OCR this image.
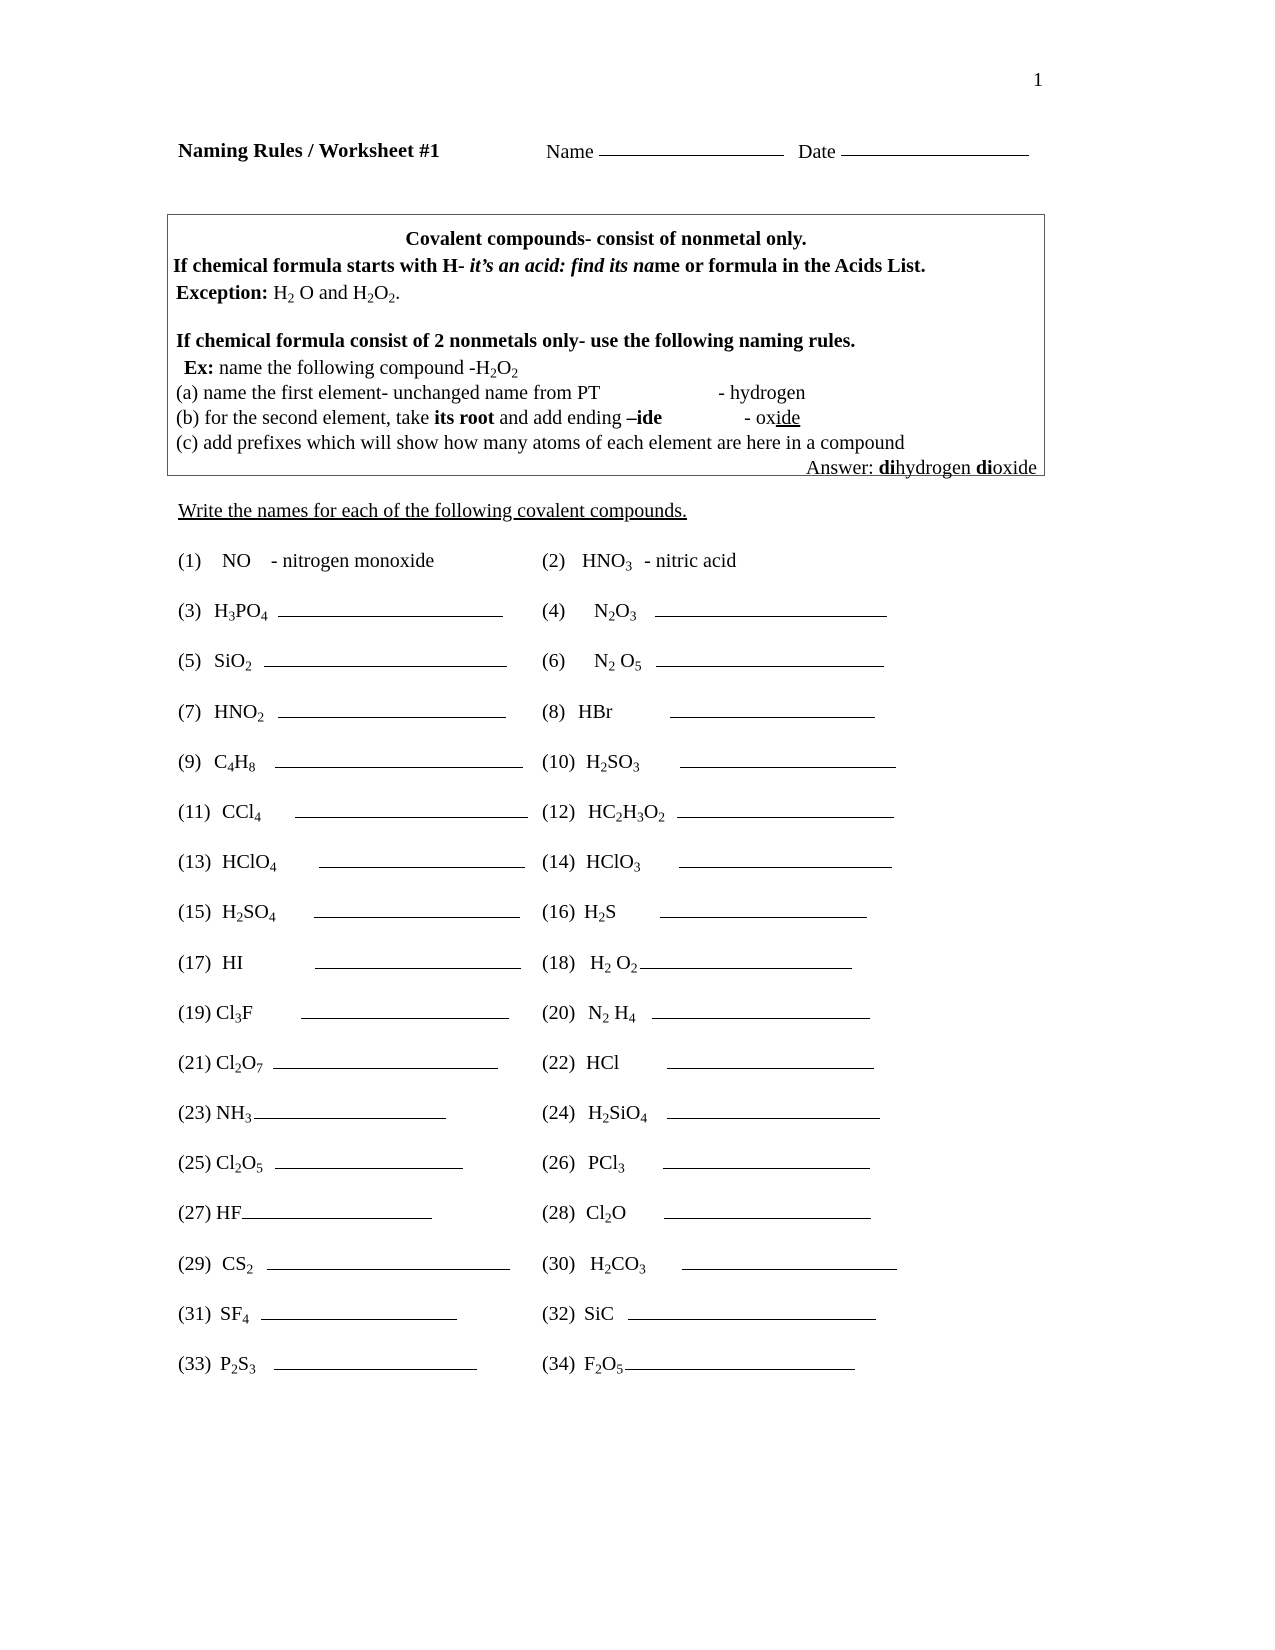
1
Naming Rules / Worksheet #1	Name	Date
Covalent compounds- consist of nonmetal only.
If chemical formula starts with H- it’s an acid: find its name or formula in the Acids List.
Exception: $H_2$ O and $H_2O_2$.
If chemical formula consist of 2 nonmetals only- use the following naming rules.
Ex: name the following compound $-H_2O_2$
(a) name the first element- unchanged name from PT	- hydrogen
(b) for the second element, take its root and add ending –ide	- oxide
(c) add prefixes which will show how many atoms of each element are here in a compound
Answer: dihydrogen dioxide
Write the names for each of the following covalent compounds.
(1)	NO - nitrogen monoxide	(2) $HNO_3$ - nitric acid
(3) $H_3PO_4$	(4)	$N_2O_3$
(5) SiO$_2$	(6)	$N_2$ $O_5$
(7) $HNO_2$	(8) HBr
(9) $C_4H_8$	(10) $H_2SO_3$
(11) CCl$_4$	(12) $HC_2H_3O_2$
(13) HClO$_4$	(14) HClO$_3$
(15) $H_2SO_4$	(16) $H_2S$
(17) HI	(18) $H_2$ $O_2$
(19) $Cl_3F$	(20) $N_2$ $H_4$
(21) $Cl_2O_7$	(22) HCl
(23) $NH_3$	(24) $H_2SiO_4$
(25) $Cl_2O_5$	(26) PCl$_3$
(27) HF	(28) $Cl_2O$
(29) $CS_2$	(30) $H_2CO_3$
(31) $SF_4$	(32) SiC
(33) $P_2S_3$	(34) $F_2O_5$
